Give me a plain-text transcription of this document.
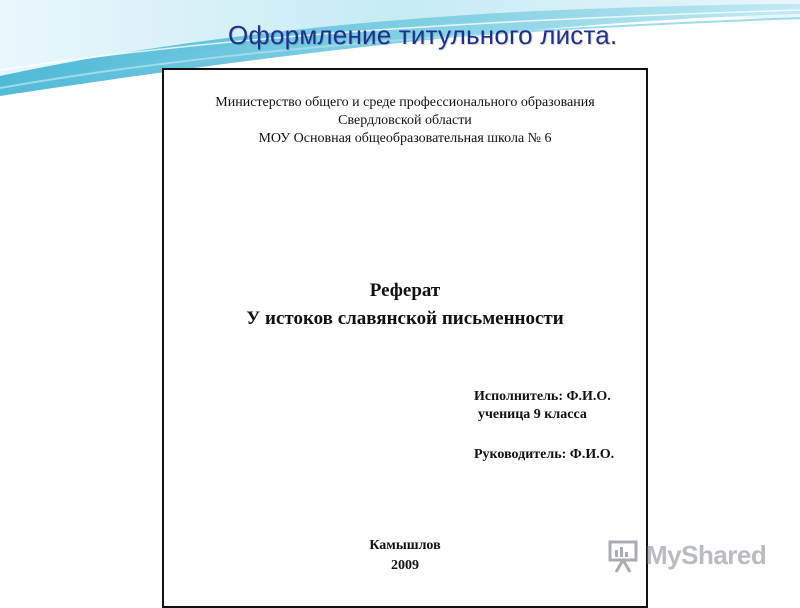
Оформление титульного листа.
Министерство общего и среде профессионального образования
Свердловской области
МОУ Основная общеобразовательная школа № 6
Реферат
У истоков славянской письменности
Исполнитель: Ф.И.О.
ученица 9 класса
Руководитель: Ф.И.О.
Камышлов
2009	MyShared
